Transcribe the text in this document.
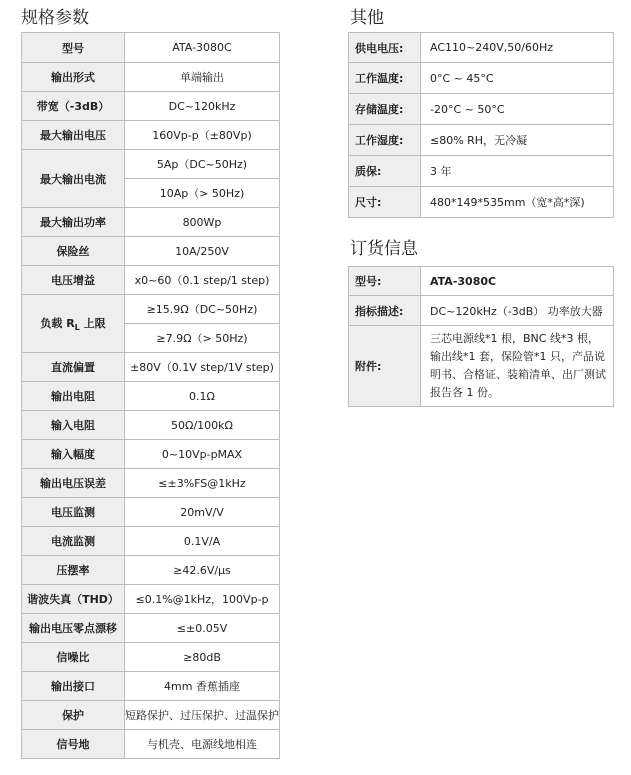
规格参数	其他
订货信息
型号	ATA-3080C
输出形式	单端输出
带宽（-3dB）	DC~120kHz
最大输出电压	160Vp-p（±80Vp)
最大输出电流	5Ap（DC~50Hz)
	10Ap（> 50Hz)
最大输出功率	800Wp
保险丝	10A/250V
电压增益	x0~60（0.1 step/1 step)
负载 $R_L$ 上限	≥15.9Ω（DC~50Hz)
	≥7.9Ω（> 50Hz)
直流偏置	±80V（0.1V step/1V step)
输出电阻	0.1Ω
输入电阻	50Ω/100kΩ
输入幅度	0~10Vp-pMAX
输出电压误差	≤±3%FS@1kHz
电压监测	20mV/V
电流监测	0.1V/A
压摆率	≥42.6V/μs
谐波失真（THD）	≤0.1%@1kHz，100Vp-p
输出电压零点漂移	≤±0.05V
信噪比	≥80dB
输出接口	4mm 香蕉插座
保护	短路保护、过压保护、过温保护
信号地	与机壳、电源线地相连
供电电压:	AC110~240V,50/60Hz
工作温度:	0°C ~ 45°C
存储温度:	-20°C ~ 50°C
工作湿度:	≤80% RH，无冷凝
质保:	3 年
尺寸:	480*149*535mm（宽*高*深)
型号:	ATA-3080C
指标描述:	DC~120kHz（-3dB） 功率放大器
附件:	三芯电源线*1 根，BNC 线*3 根，输出线*1 套，保险管*1 只，产品说明书、合格证、装箱清单、出厂测试报告各 1 份。
